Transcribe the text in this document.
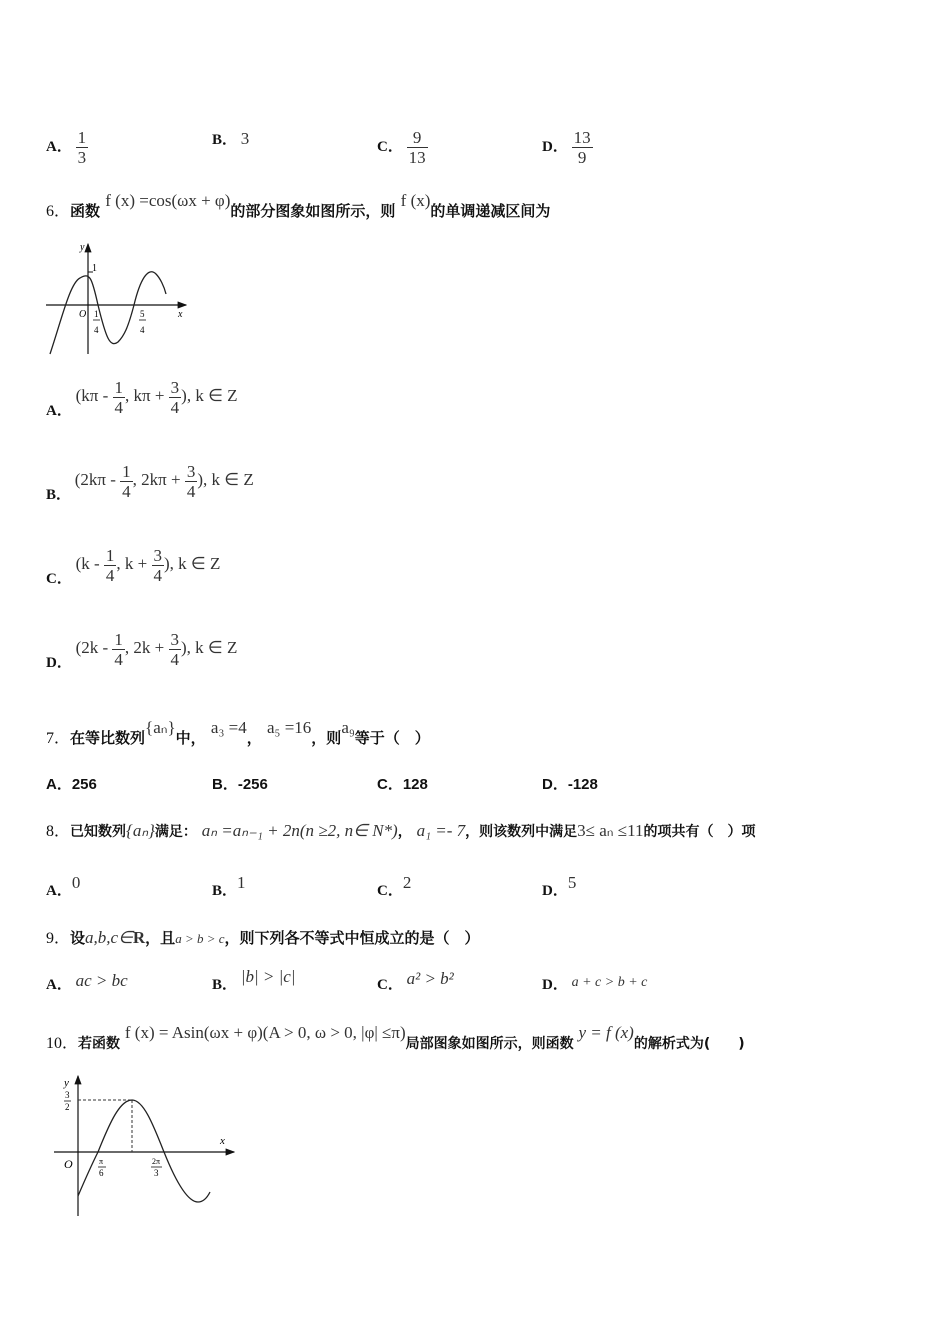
A． $\frac{1}{3}$	B． 3	C． $\frac{9}{13}$	D． $\frac{13}{9}$
6．函数 f (x) =cos(ωx + φ)的部分图象如图所示，则 f (x)的单调递减区间为
y
1
O	x
1
4
5
4
A． ($k\pi - \frac{1}{4}$ , $k\pi + \frac{3}{4}$ ), k ∈ Z
B． ($2k\pi - \frac{1}{4}$ , $2k\pi + \frac{3}{4}$ ), k ∈ Z
C． ($k - \frac{1}{4}$ , $k + \frac{3}{4}$ ), k ∈ Z
D． ($2k - \frac{1}{4}$ , $2k + \frac{3}{4}$ ), k ∈ Z
7．在等比数列{aₙ}中， a₃ =4， a₅ =16，则a₉等于（　）
A．256	B．-256	C．128	D．-128
8．已知数列{aₙ}满足： aₙ =aₙ₋₁ + 2n(n ≥2, n∈ N*)， a₁ =- 7，则该数列中满足3≤ aₙ ≤11的项共有（　）项
A．0	B．1	C．2	D．5
9．设a,b,c∈R，且a > b > c，则下列各不等式中恒成立的是（　）
A． ac > bc	B． |b| > |c|	C． a² > b²	D． a + c > b + c
10．若函数 f (x) = Asin(ωx + φ)(A > 0, ω > 0, |φ| ≤π)局部图象如图所示，则函数 y = f (x)的解析式为(　　)
y
3
2
O
x
π
6
2π
3
